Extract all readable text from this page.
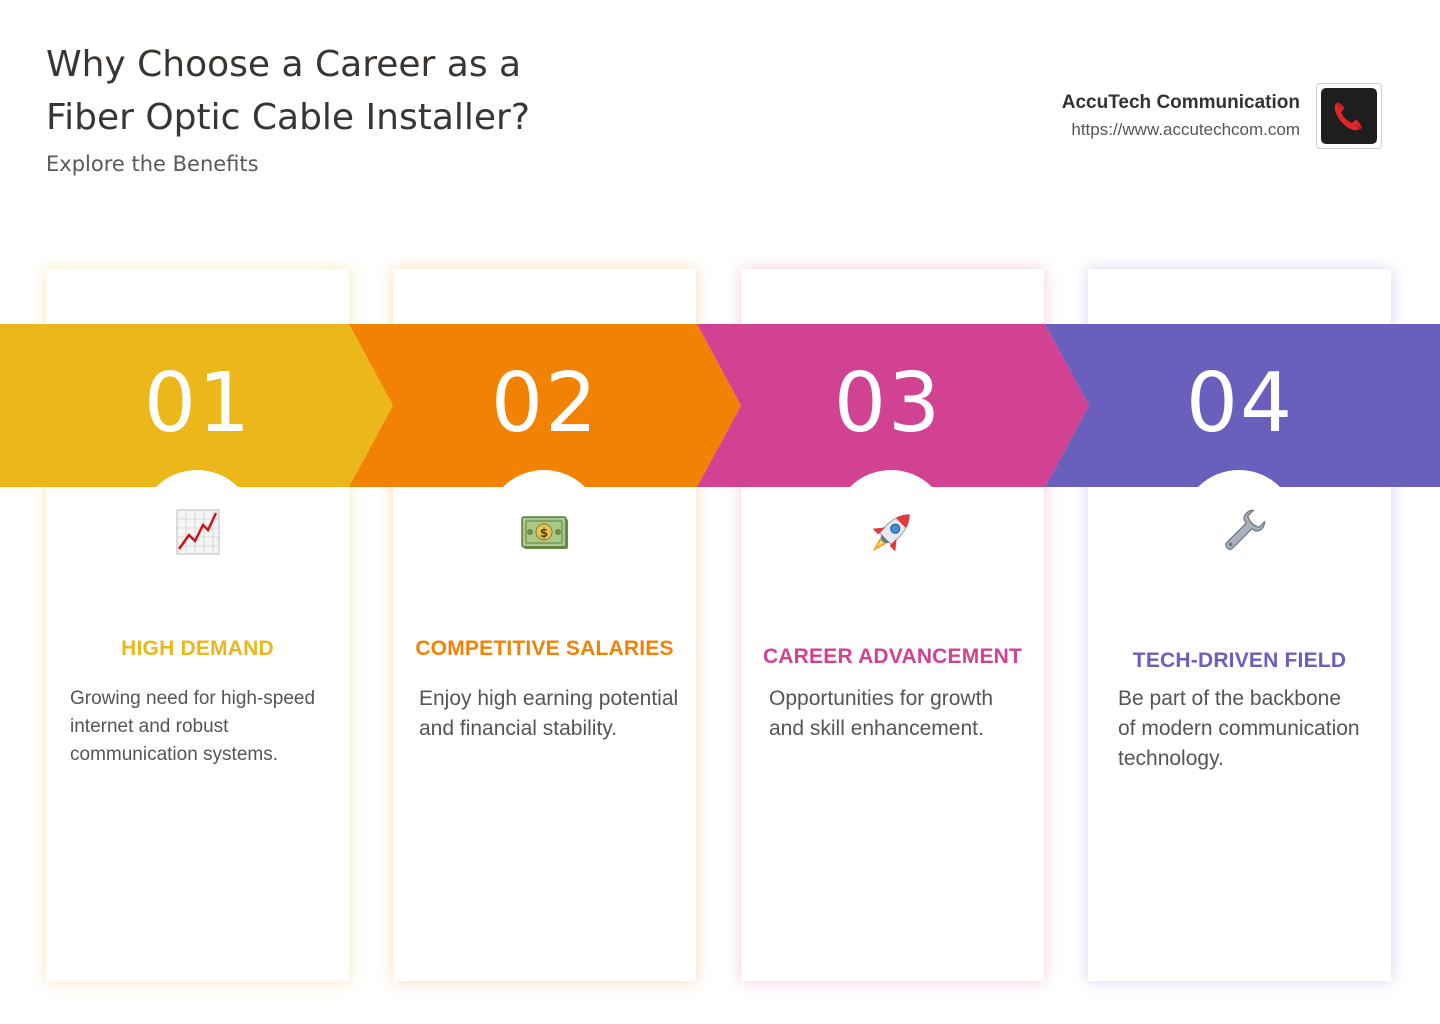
Why Choose a Career as a Fiber Optic Cable Installer?

Explore the Benefits

AccuTech Communication
https://www.accutechcom.com
01	02	03	04
$
HIGH DEMAND	COMPETITIVE SALARIES	CAREER ADVANCEMENT	TECH-DRIVEN FIELD
Growing need for high-speed internet and robust communication systems.
Enjoy high earning potential and financial stability.
Opportunities for growth and skill enhancement.
Be part of the backbone of modern communication technology.
